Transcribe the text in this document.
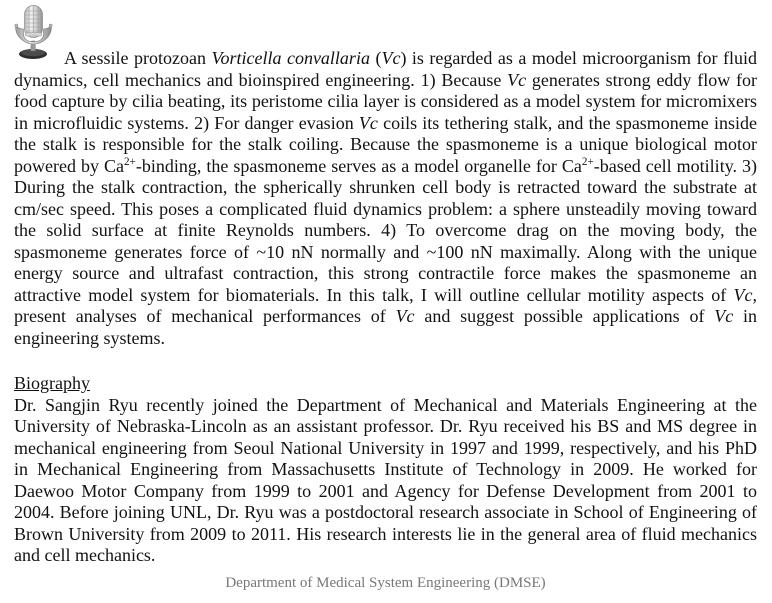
A sessile protozoan Vorticella convallaria (Vc) is regarded as a model microorganism for fluid dynamics, cell mechanics and bioinspired engineering. 1) Because Vc generates strong eddy flow for food capture by cilia beating, its peristome cilia layer is considered as a model system for micromixers in microfluidic systems. 2) For danger evasion Vc coils its tethering stalk, and the spasmoneme inside the stalk is responsible for the stalk coiling. Because the spasmoneme is a unique biological motor powered by $Ca^{2+}$-binding, the spasmoneme serves as a model organelle for $Ca^{2+}$-based cell motility. 3) During the stalk contraction, the spherically shrunken cell body is retracted toward the substrate at cm/sec speed. This poses a complicated fluid dynamics problem: a sphere unsteadily moving toward the solid surface at finite Reynolds numbers. 4) To overcome drag on the moving body, the spasmoneme generates force of ~10 nN normally and ~100 nN maximally. Along with the unique energy source and ultrafast contraction, this strong contractile force makes the spasmoneme an attractive model system for biomaterials. In this talk, I will outline cellular motility aspects of Vc, present analyses of mechanical performances of Vc and suggest possible applications of Vc in engineering systems.

Biography

Dr. Sangjin Ryu recently joined the Department of Mechanical and Materials Engineering at the University of Nebraska-Lincoln as an assistant professor. Dr. Ryu received his BS and MS degree in mechanical engineering from Seoul National University in 1997 and 1999, respectively, and his PhD in Mechanical Engineering from Massachusetts Institute of Technology in 2009. He worked for Daewoo Motor Company from 1999 to 2001 and Agency for Defense Development from 2001 to 2004. Before joining UNL, Dr. Ryu was a postdoctoral research associate in School of Engineering of Brown University from 2009 to 2011. His research interests lie in the general area of fluid mechanics and cell mechanics.

Department of Medical System Engineering (DMSE)
